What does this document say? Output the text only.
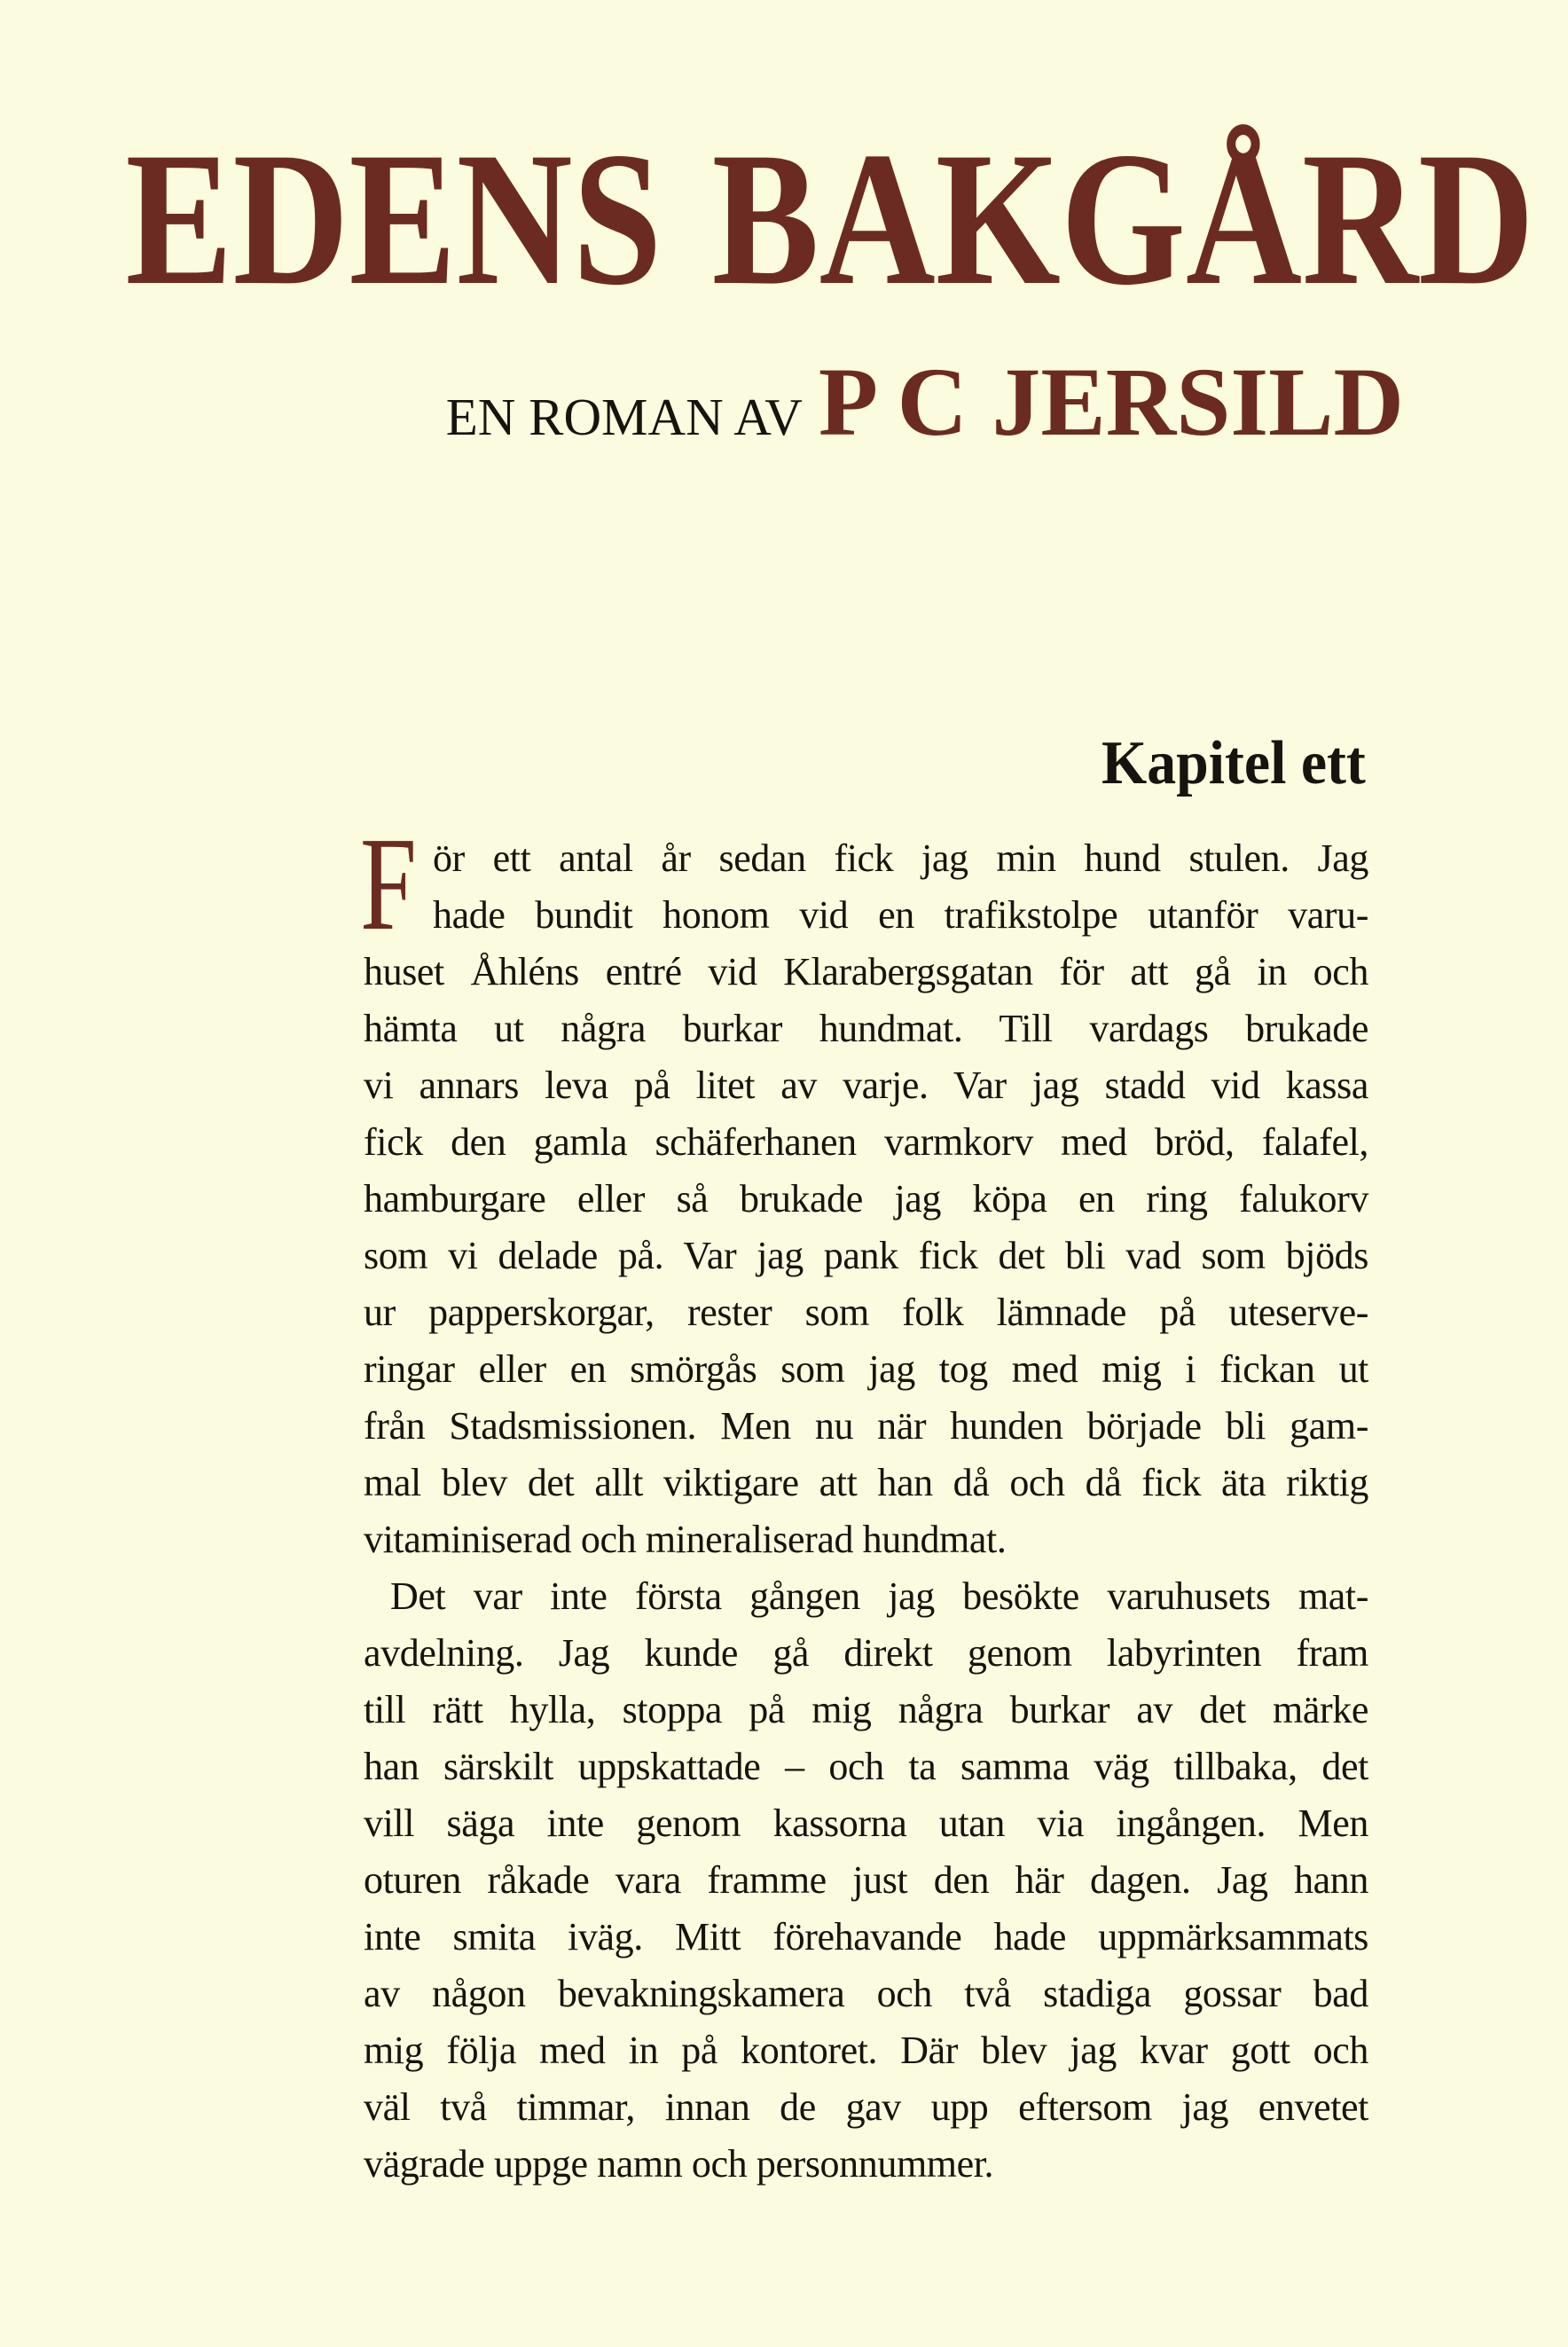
EDENS BAKGÅRD
EN ROMAN AV P C JERSILD
Kapitel ett
F ör ett antal år sedan fick jag min hund stulen. Jag
hade bundit honom vid en trafikstolpe utanför varu-
huset Åhléns entré vid Klarabergsgatan för att gå in och
hämta ut några burkar hundmat. Till vardags brukade
vi annars leva på litet av varje. Var jag stadd vid kassa
fick den gamla schäferhanen varmkorv med bröd, falafel,
hamburgare eller så brukade jag köpa en ring falukorv
som vi delade på. Var jag pank fick det bli vad som bjöds
ur papperskorgar, rester som folk lämnade på uteserve-
ringar eller en smörgås som jag tog med mig i fickan ut
från Stadsmissionen. Men nu när hunden började bli gam-
mal blev det allt viktigare att han då och då fick äta riktig
vitaminiserad och mineraliserad hundmat.
Det var inte första gången jag besökte varuhusets mat-
avdelning. Jag kunde gå direkt genom labyrinten fram
till rätt hylla, stoppa på mig några burkar av det märke
han särskilt uppskattade – och ta samma väg tillbaka, det
vill säga inte genom kassorna utan via ingången. Men
oturen råkade vara framme just den här dagen. Jag hann
inte smita iväg. Mitt förehavande hade uppmärksammats
av någon bevakningskamera och två stadiga gossar bad
mig följa med in på kontoret. Där blev jag kvar gott och
väl två timmar, innan de gav upp eftersom jag envetet
vägrade uppge namn och personnummer.
